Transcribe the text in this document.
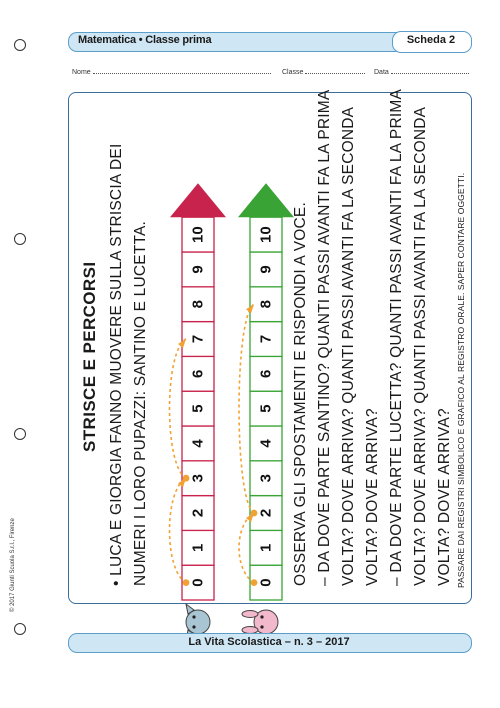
Matematica • Classe prima	Scheda 2
Nome	Classe	Data
STRISCE E PERCORSI • LUCA E GIORGIA FANNO MUOVERE SULLA STRISCIA DEI NUMERI I LORO PUPAZZI: SANTINO E LUCETTA.	OSSERVA GLI SPOSTAMENTI E RISPONDI A VOCE. – DA DOVE PARTE SANTINO? QUANTI PASSI AVANTI FA LA PRIMA VOLTA? DOVE ARRIVA? QUANTI PASSI AVANTI FA LA SECONDA VOLTA? DOVE ARRIVA? – DA DOVE PARTE LUCETTA? QUANTI PASSI AVANTI FA LA PRIMA VOLTA? DOVE ARRIVA? QUANTI PASSI AVANTI FA LA SECONDA VOLTA? DOVE ARRIVA? PASSARE DAI REGISTRI SIMBOLICO E GRAFICO AL REGISTRO ORALE. SAPER CONTARE OGGETTI.
0
1
2
3
4
5
6
7
8
9
10
0
1
2
3
4
5
6
7
8
9
10
© 2017 Giunti Scuola S.r.l., Firenze
La Vita Scolastica – n. 3 – 2017
